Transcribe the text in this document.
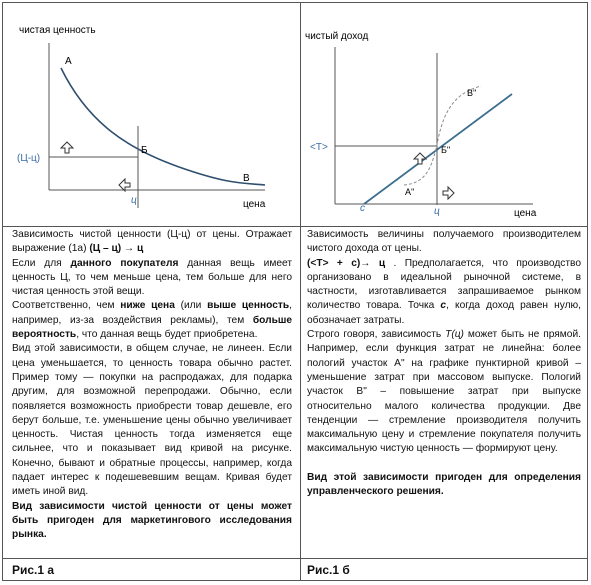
чистая ценность
А
Б
В
(Ц-ц)
ц	цена
чистый доход
<T>	Б''
А''
В''
с	ц	цена

Зависимость чистой ценности (Ц-ц) от цены. Отражает выражение (1а) (Ц – ц) → ц

Если для данного покупателя данная вещь имеет ценность Ц, то чем меньше цена, тем больше для него чистая ценность этой вещи.

Соответственно, чем ниже цена (или выше ценность, например, из-за воздействия рекламы), тем больше вероятность, что данная вещь будет приобретена.

Вид этой зависимости, в общем случае, не линеен. Если цена уменьшается, то ценность товара обычно растет. Пример тому — покупки на распродажах, для подарка другим, для возможной перепродажи. Обычно, если появляется возможность приобрести товар дешевле, его берут больше, т.е. уменьшение цены обычно увеличивает ценность. Чистая ценность тогда изменяется еще сильнее, что и показывает вид кривой на рисунке. Конечно, бывают и обратные процессы, например, когда падает интерес к подешевевшим вещам. Кривая будет иметь иной вид.

Вид зависимости чистой ценности от цены может быть пригоден для маркетингового исследования рынка.

Зависимость величины получаемого производителем чистого дохода от цены.

(<T> + c)→ ц . Предполагается, что производство организовано в идеальной рыночной системе, в частности, изготавливается запрашиваемое рынком количество товара. Точка с, когда доход равен нулю, обозначает затраты.

Строго говоря, зависимость T(ц) может быть не прямой. Например, если функция затрат не линейна: более пологий участок А" на графике пунктирной кривой – уменьшение затрат при массовом выпуске. Пологий участок В" – повышение затрат при выпуске относительно малого количества продукции. Две тенденции — стремление производителя получить максимальную цену и стремление покупателя получить максимальную чистую ценность — формируют цену.

Вид этой зависимости пригоден для определения управленческого решения.

Рис.1 а	Рис.1 б
